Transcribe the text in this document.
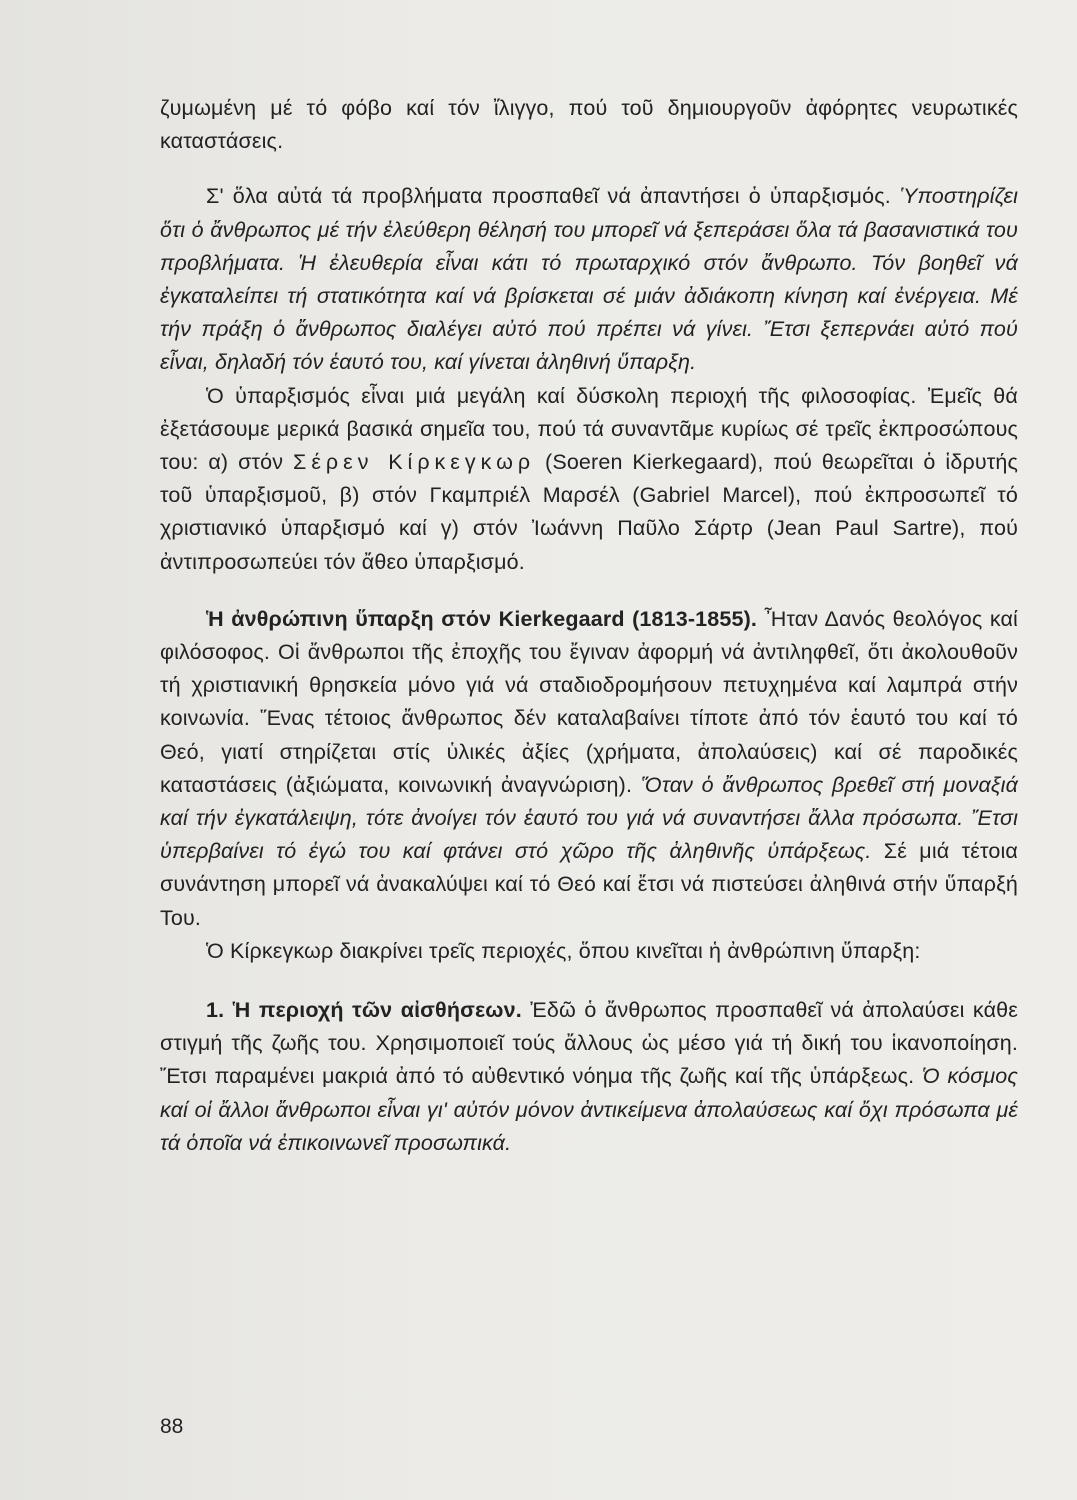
ζυμωμένη μέ τό φόβο καί τόν ἴλιγγο, πού τοῦ δημιουργοῦν ἀφόρητες νευρωτικές καταστάσεις.

Σ' ὅλα αὐτά τά προβλήματα προσπαθεῖ νά ἀπαντήσει ὁ ὑπαρξισμός. Ὑποστηρίζει ὅτι ὁ ἄνθρωπος μέ τήν ἐλεύθερη θέλησή του μπορεῖ νά ξεπεράσει ὅλα τά βασανιστικά του προβλήματα. Ἡ ἐλευθερία εἶναι κάτι τό πρωταρχικό στόν ἄνθρωπο. Τόν βοηθεῖ νά ἐγκαταλείπει τή στατικότητα καί νά βρίσκεται σέ μιάν ἀδιάκοπη κίνηση καί ἐνέργεια. Μέ τήν πράξη ὁ ἄνθρωπος διαλέγει αὐτό πού πρέπει νά γίνει. Ἔτσι ξεπερνάει αὐτό πού εἶναι, δηλαδή τόν ἑαυτό του, καί γίνεται ἀληθινή ὕπαρξη.

Ὁ ὑπαρξισμός εἶναι μιά μεγάλη καί δύσκολη περιοχή τῆς φιλοσοφίας. Ἐμεῖς θά ἐξετάσουμε μερικά βασικά σημεῖα του, πού τά συναντᾶμε κυρίως σέ τρεῖς ἐκπροσώπους του: α) στόν Σέρεν Κίρκεγκωρ (Soeren Kierkegaard), πού θεωρεῖται ὁ ἱδρυτής τοῦ ὑπαρξισμοῦ, β) στόν Γκαμπριέλ Μαρσέλ (Gabriel Marcel), πού ἐκπροσωπεῖ τό χριστιανικό ὑπαρξισμό καί γ) στόν Ἰωάννη Παῦλο Σάρτρ (Jean Paul Sartre), πού ἀντιπροσωπεύει τόν ἄθεο ὑπαρξισμό.

Ἡ ἀνθρώπινη ὕπαρξη στόν Kierkegaard (1813-1855). Ἦταν Δανός θεολόγος καί φιλόσοφος. Οἱ ἄνθρωποι τῆς ἐποχῆς του ἔγιναν ἀφορμή νά ἀντιληφθεῖ, ὅτι ἀκολουθοῦν τή χριστιανική θρησκεία μόνο γιά νά σταδιοδρομήσουν πετυχημένα καί λαμπρά στήν κοινωνία. Ἕνας τέτοιος ἄνθρωπος δέν καταλαβαίνει τίποτε ἀπό τόν ἑαυτό του καί τό Θεό, γιατί στηρίζεται στίς ὑλικές ἀξίες (χρήματα, ἀπολαύσεις) καί σέ παροδικές καταστάσεις (ἀξιώματα, κοινωνική ἀναγνώριση). Ὅταν ὁ ἄνθρωπος βρεθεῖ στή μοναξιά καί τήν ἐγκατάλειψη, τότε ἀνοίγει τόν ἑαυτό του γιά νά συναντήσει ἄλλα πρόσωπα. Ἔτσι ὑπερβαίνει τό ἐγώ του καί φτάνει στό χῶρο τῆς ἀληθινῆς ὑπάρξεως. Σέ μιά τέτοια συνάντηση μπορεῖ νά ἀνακαλύψει καί τό Θεό καί ἔτσι νά πιστεύσει ἀληθινά στήν ὕπαρξή Του.

Ὁ Κίρκεγκωρ διακρίνει τρεῖς περιοχές, ὅπου κινεῖται ἡ ἀνθρώπινη ὕπαρξη:

1. Ἡ περιοχή τῶν αἰσθήσεων. Ἐδῶ ὁ ἄνθρωπος προσπαθεῖ νά ἀπολαύσει κάθε στιγμή τῆς ζωῆς του. Χρησιμοποιεῖ τούς ἄλλους ὡς μέσο γιά τή δική του ἱκανοποίηση. Ἔτσι παραμένει μακριά ἀπό τό αὐθεντικό νόημα τῆς ζωῆς καί τῆς ὑπάρξεως. Ὁ κόσμος καί οἱ ἄλλοι ἄνθρωποι εἶναι γι' αὐτόν μόνον ἀντικείμενα ἀπολαύσεως καί ὄχι πρόσωπα μέ τά ὁποῖα νά ἐπικοινωνεῖ προσωπικά.

88
